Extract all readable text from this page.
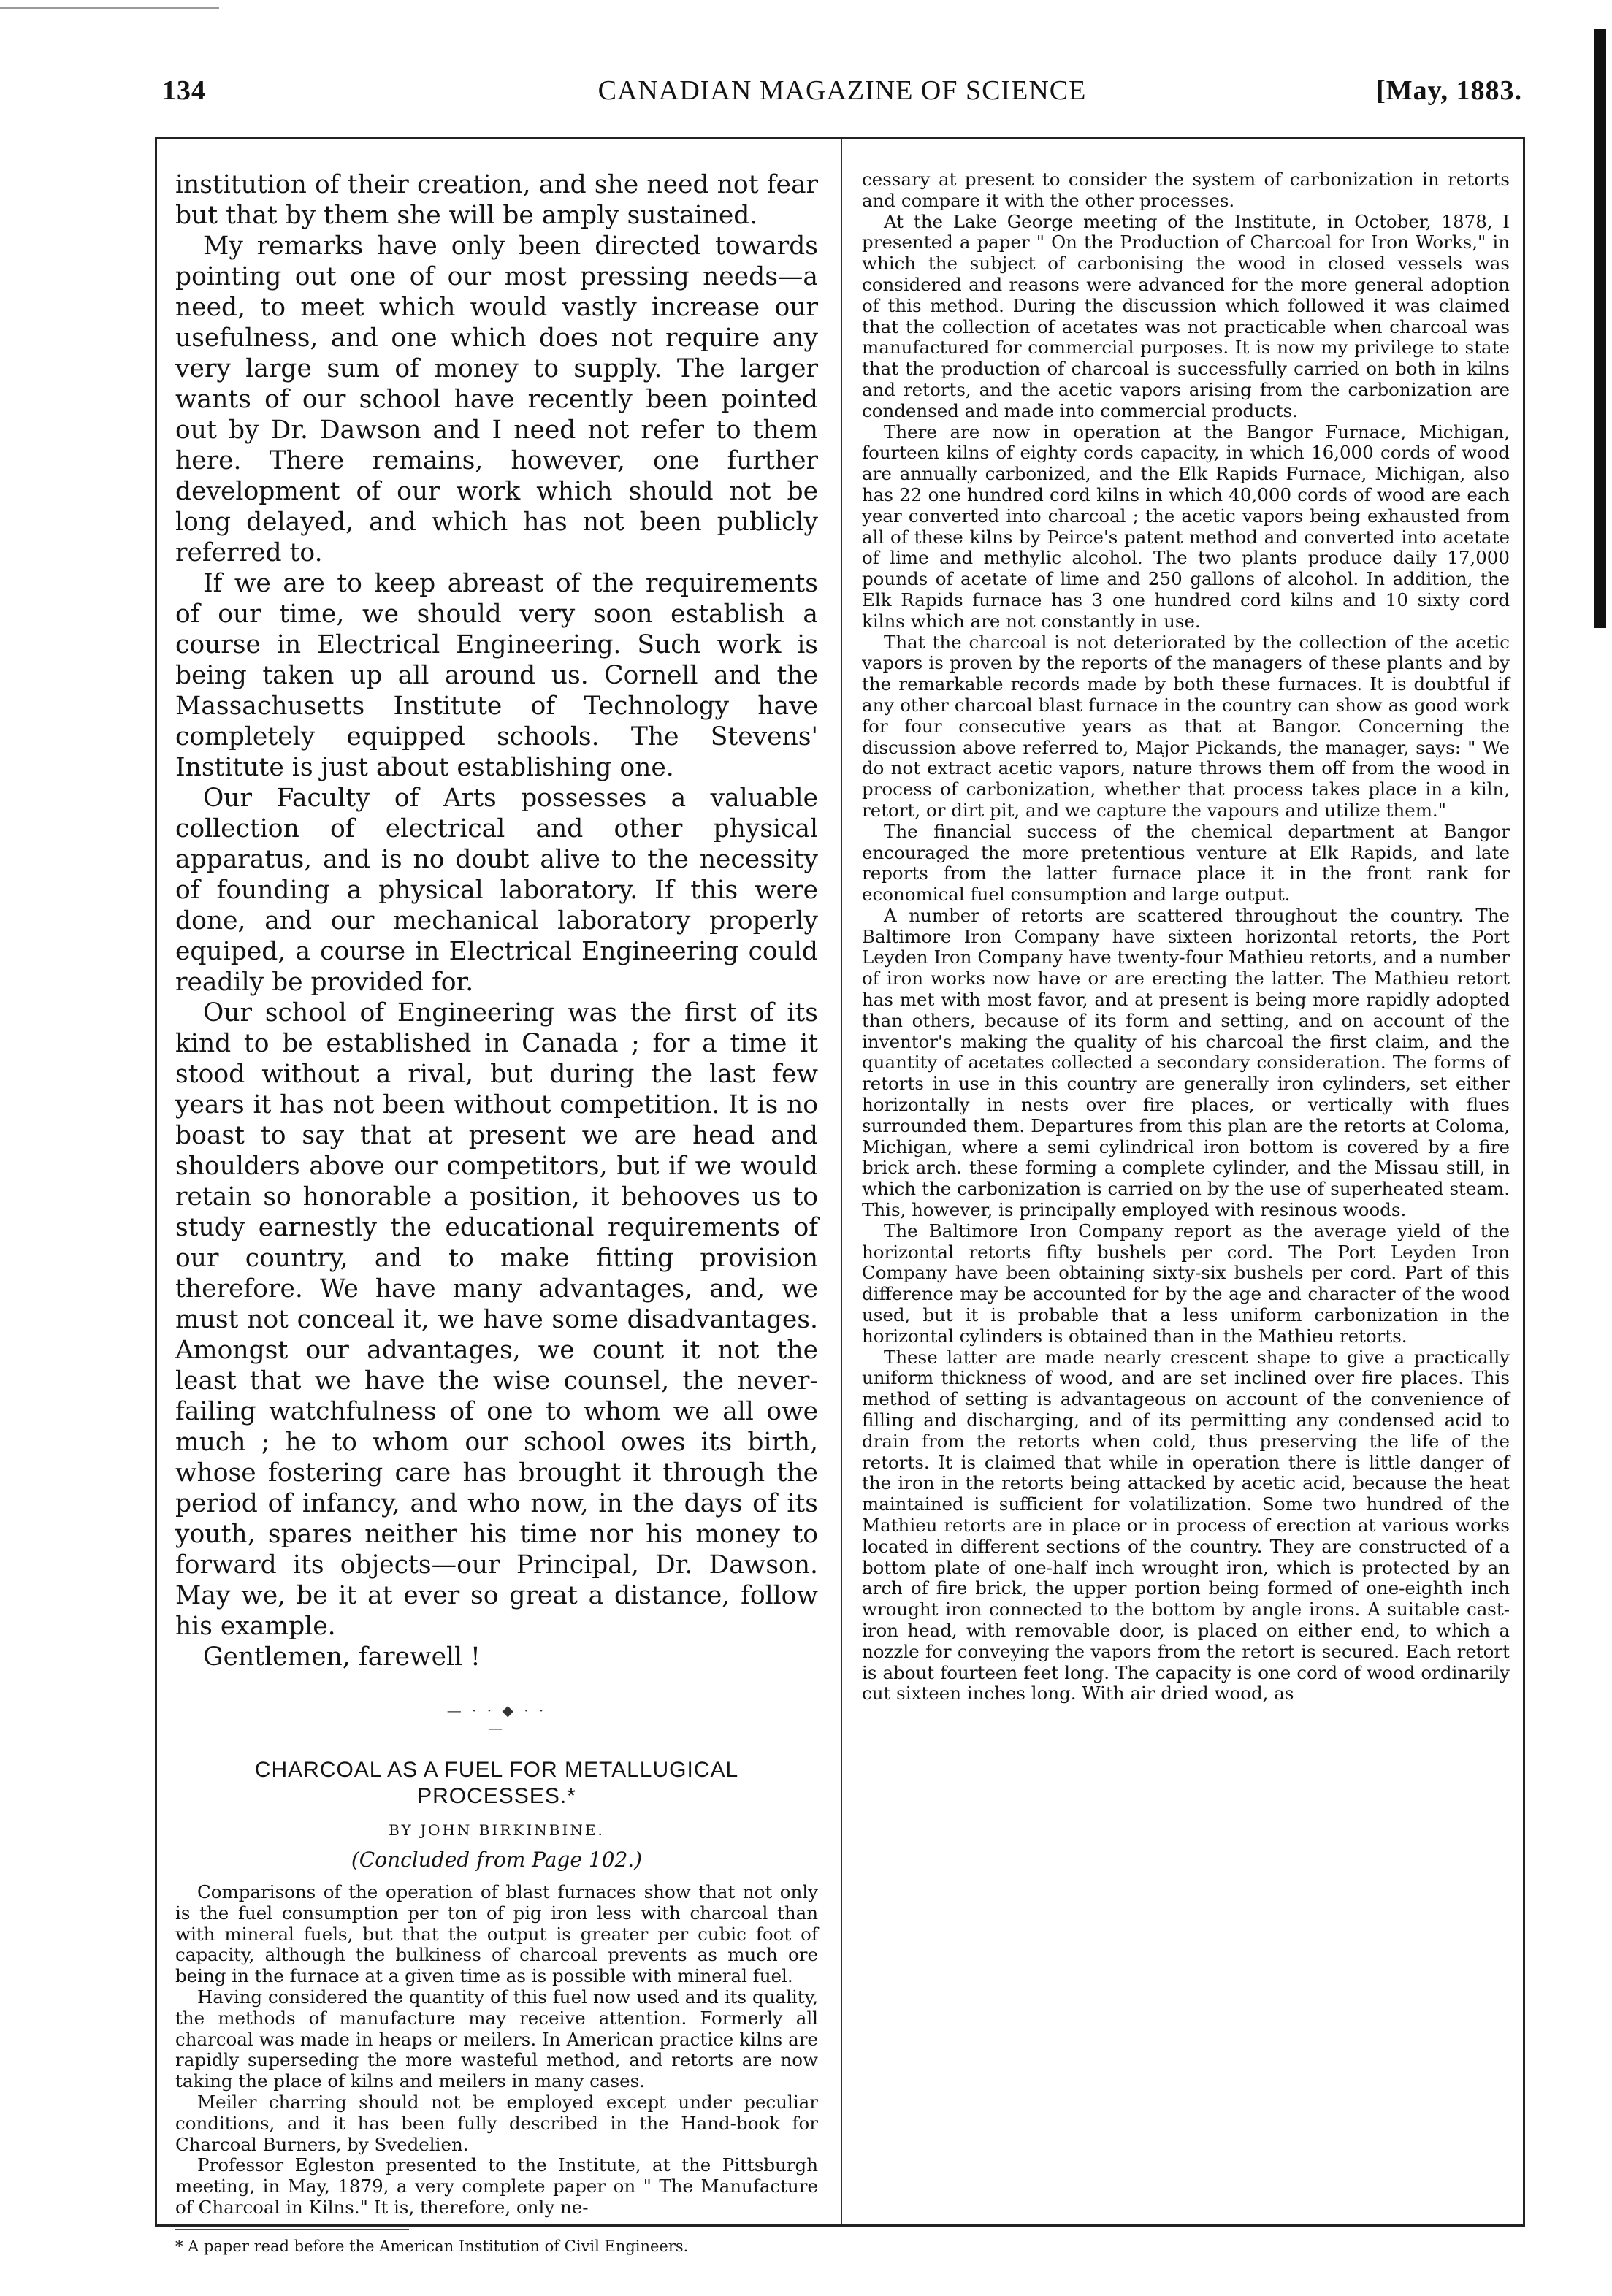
134	CANADIAN MAGAZINE OF SCIENCE	[May, 1883.

institution of their creation, and she need not fear but that by them she will be amply sustained.

My remarks have only been directed towards pointing out one of our most pressing needs—a need, to meet which would vastly increase our usefulness, and one which does not require any very large sum of money to supply. The larger wants of our school have recently been pointed out by Dr. Dawson and I need not refer to them here. There remains, however, one further development of our work which should not be long delayed, and which has not been publicly referred to.

If we are to keep abreast of the requirements of our time, we should very soon establish a course in Electrical Engineering. Such work is being taken up all around us. Cornell and the Massachusetts Institute of Technology have completely equipped schools. The Stevens' Institute is just about establishing one.

Our Faculty of Arts possesses a valuable collection of electrical and other physical apparatus, and is no doubt alive to the necessity of founding a physical laboratory. If this were done, and our mechanical laboratory properly equiped, a course in Electrical Engineering could readily be provided for.

Our school of Engineering was the first of its kind to be established in Canada ; for a time it stood without a rival, but during the last few years it has not been without competition. It is no boast to say that at present we are head and shoulders above our competitors, but if we would retain so honorable a position, it behooves us to study earnestly the educational requirements of our country, and to make fitting provision therefore. We have many advantages, and, we must not conceal it, we have some disadvantages. Amongst our advantages, we count it not the least that we have the wise counsel, the never-failing watchfulness of one to whom we all owe much ; he to whom our school owes its birth, whose fostering care has brought it through the period of infancy, and who now, in the days of its youth, spares neither his time nor his money to forward its objects—our Principal, Dr. Dawson. May we, be it at ever so great a distance, follow his example.

Gentlemen, farewell !

— · · ◆ · · —
CHARCOAL AS A FUEL FOR METALLUGICAL PROCESSES.*
BY JOHN BIRKINBINE.
(Concluded from Page 102.)

Comparisons of the operation of blast furnaces show that not only is the fuel consumption per ton of pig iron less with charcoal than with mineral fuels, but that the output is greater per cubic foot of capacity, although the bulkiness of charcoal prevents as much ore being in the furnace at a given time as is possible with mineral fuel.

Having considered the quantity of this fuel now used and its quality, the methods of manufacture may receive attention. Formerly all charcoal was made in heaps or meilers. In American practice kilns are rapidly superseding the more wasteful method, and retorts are now taking the place of kilns and meilers in many cases.

Meiler charring should not be employed except under peculiar conditions, and it has been fully described in the Hand-book for Charcoal Burners, by Svedelien.

Professor Egleston presented to the Institute, at the Pittsburgh meeting, in May, 1879, a very complete paper on " The Manufacture of Charcoal in Kilns." It is, therefore, only ne-

* A paper read before the American Institution of Civil Engineers.

cessary at present to consider the system of carbonization in retorts and compare it with the other processes.

At the Lake George meeting of the Institute, in October, 1878, I presented a paper " On the Production of Charcoal for Iron Works," in which the subject of carbonising the wood in closed vessels was considered and reasons were advanced for the more general adoption of this method. During the discussion which followed it was claimed that the collection of acetates was not practicable when charcoal was manufactured for commercial purposes. It is now my privilege to state that the production of charcoal is successfully carried on both in kilns and retorts, and the acetic vapors arising from the carbonization are condensed and made into commercial products.

There are now in operation at the Bangor Furnace, Michigan, fourteen kilns of eighty cords capacity, in which 16,000 cords of wood are annually carbonized, and the Elk Rapids Furnace, Michigan, also has 22 one hundred cord kilns in which 40,000 cords of wood are each year converted into charcoal ; the acetic vapors being exhausted from all of these kilns by Peirce's patent method and converted into acetate of lime and methylic alcohol. The two plants produce daily 17,000 pounds of acetate of lime and 250 gallons of alcohol. In addition, the Elk Rapids furnace has 3 one hundred cord kilns and 10 sixty cord kilns which are not constantly in use.

That the charcoal is not deteriorated by the collection of the acetic vapors is proven by the reports of the managers of these plants and by the remarkable records made by both these furnaces. It is doubtful if any other charcoal blast furnace in the country can show as good work for four consecutive years as that at Bangor. Concerning the discussion above referred to, Major Pickands, the manager, says: " We do not extract acetic vapors, nature throws them off from the wood in process of carbonization, whether that process takes place in a kiln, retort, or dirt pit, and we capture the vapours and utilize them."

The financial success of the chemical department at Bangor encouraged the more pretentious venture at Elk Rapids, and late reports from the latter furnace place it in the front rank for economical fuel consumption and large output.

A number of retorts are scattered throughout the country. The Baltimore Iron Company have sixteen horizontal retorts, the Port Leyden Iron Company have twenty-four Mathieu retorts, and a number of iron works now have or are erecting the latter. The Mathieu retort has met with most favor, and at present is being more rapidly adopted than others, because of its form and setting, and on account of the inventor's making the quality of his charcoal the first claim, and the quantity of acetates collected a secondary consideration. The forms of retorts in use in this country are generally iron cylinders, set either horizontally in nests over fire places, or vertically with flues surrounded them. Departures from this plan are the retorts at Coloma, Michigan, where a semi cylindrical iron bottom is covered by a fire brick arch. these forming a complete cylinder, and the Missau still, in which the carbonization is carried on by the use of superheated steam. This, however, is principally employed with resinous woods.

The Baltimore Iron Company report as the average yield of the horizontal retorts fifty bushels per cord. The Port Leyden Iron Company have been obtaining sixty-six bushels per cord. Part of this difference may be accounted for by the age and character of the wood used, but it is probable that a less uniform carbonization in the horizontal cylinders is obtained than in the Mathieu retorts.

These latter are made nearly crescent shape to give a practically uniform thickness of wood, and are set inclined over fire places. This method of setting is advantageous on account of the convenience of filling and discharging, and of its permitting any condensed acid to drain from the retorts when cold, thus preserving the life of the retorts. It is claimed that while in operation there is little danger of the iron in the retorts being attacked by acetic acid, because the heat maintained is sufficient for volatilization. Some two hundred of the Mathieu retorts are in place or in process of erection at various works located in different sections of the country. They are constructed of a bottom plate of one-half inch wrought iron, which is protected by an arch of fire brick, the upper portion being formed of one-eighth inch wrought iron connected to the bottom by angle irons. A suitable cast-iron head, with removable door, is placed on either end, to which a nozzle for conveying the vapors from the retort is secured. Each retort is about fourteen feet long. The capacity is one cord of wood ordinarily cut sixteen inches long. With air dried wood, as
